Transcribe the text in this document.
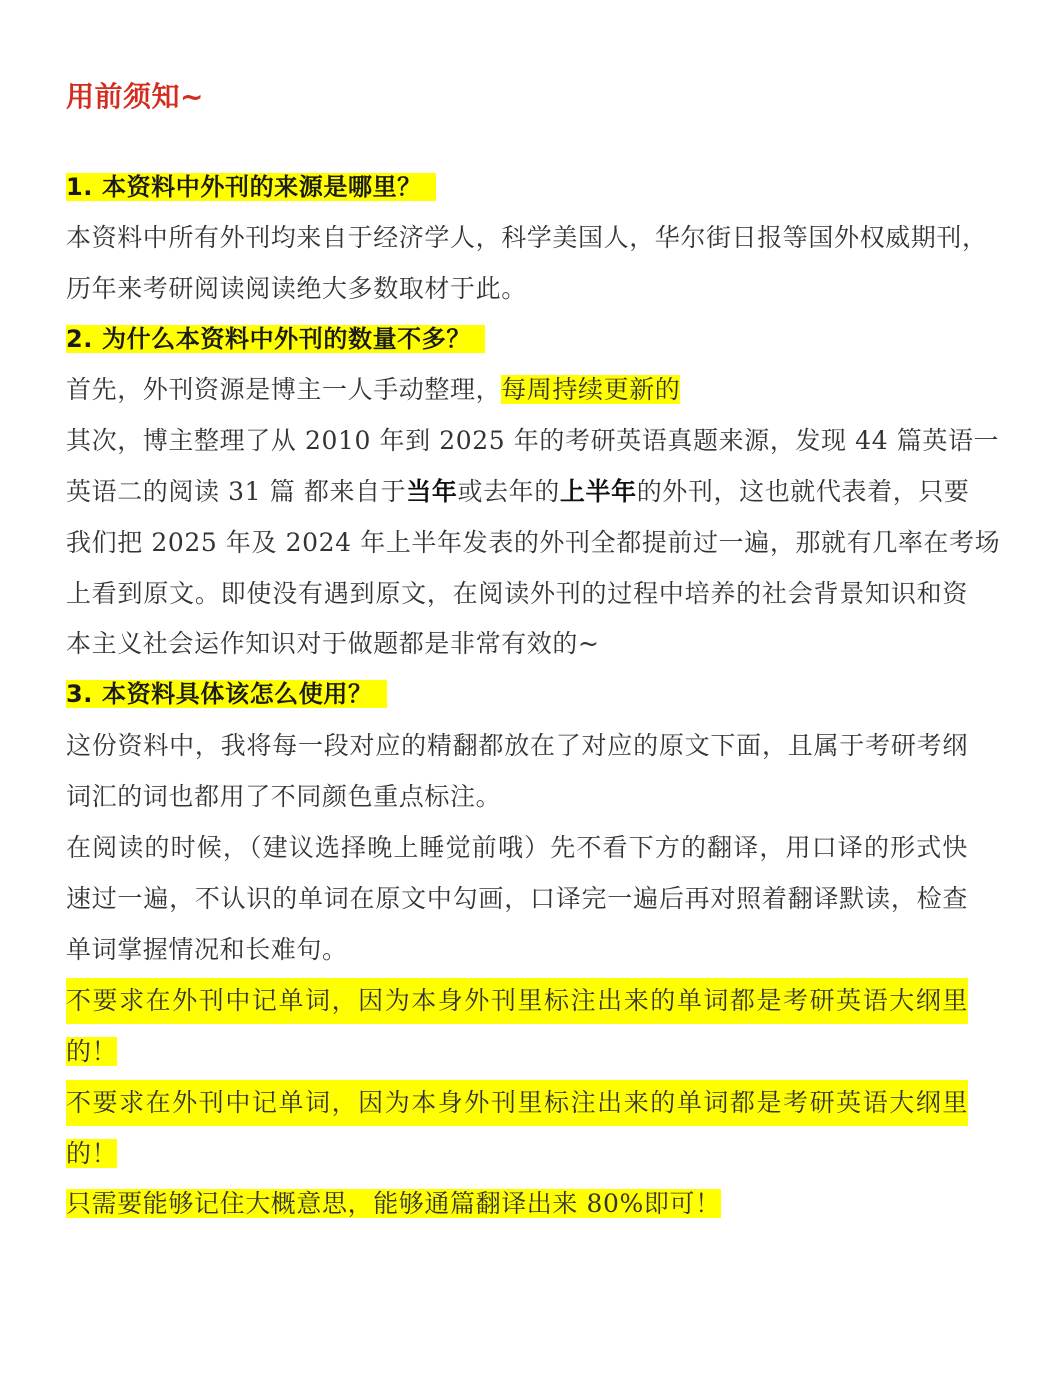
用前须知~
1. 本资料中外刊的来源是哪里？
本资料中所有外刊均来自于经济学人，科学美国人，华尔街日报等国外权威期刊，
历年来考研阅读阅读绝大多数取材于此。
2. 为什么本资料中外刊的数量不多？
首先，外刊资源是博主一人手动整理，每周持续更新的
其次，博主整理了从 2010 年到 2025 年的考研英语真题来源，发现 44 篇英语一
英语二的阅读 31 篇 都来自于当年或去年的上半年的外刊，这也就代表着，只要
我们把 2025 年及 2024 年上半年发表的外刊全都提前过一遍，那就有几率在考场
上看到原文。即使没有遇到原文，在阅读外刊的过程中培养的社会背景知识和资
本主义社会运作知识对于做题都是非常有效的~
3. 本资料具体该怎么使用？
这份资料中，我将每一段对应的精翻都放在了对应的原文下面，且属于考研考纲
词汇的词也都用了不同颜色重点标注。
在阅读的时候，（建议选择晚上睡觉前哦）先不看下方的翻译，用口译的形式快
速过一遍，不认识的单词在原文中勾画，口译完一遍后再对照着翻译默读，检查
单词掌握情况和长难句。
不要求在外刊中记单词，因为本身外刊里标注出来的单词都是考研英语大纲里
的！
不要求在外刊中记单词，因为本身外刊里标注出来的单词都是考研英语大纲里
的！
只需要能够记住大概意思，能够通篇翻译出来 80%即可！
